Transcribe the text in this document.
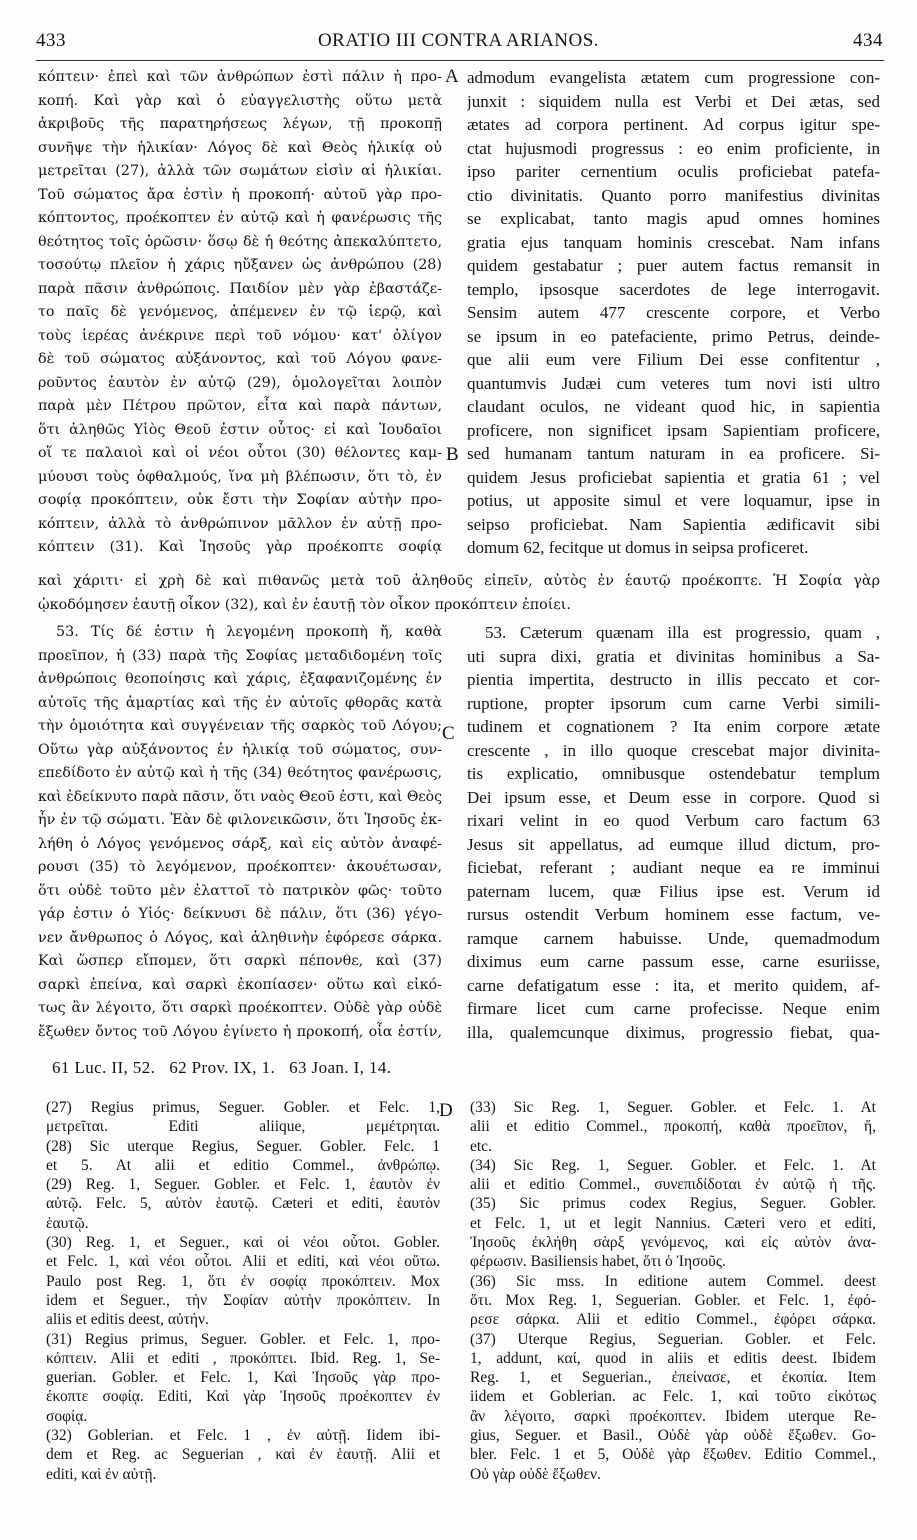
433	ORATIO III CONTRA ARIANOS.	434
A
B
C
D
κόπτειν· ἐπεὶ καὶ τῶν ἀνθρώπων ἐστὶ πάλιν ἡ προ-
κοπή. Καὶ γὰρ καὶ ὁ εὐαγγελιστὴς οὕτω μετὰ
ἀκριβοῦς τῆς παρατηρήσεως λέγων, τῇ προκοπῇ
συνῆψε τὴν ἡλικίαν· Λόγος δὲ καὶ Θεὸς ἡλικίᾳ οὐ
μετρεῖται (27), ἀλλὰ τῶν σωμάτων εἰσὶν αἱ ἡλικίαι.
Τοῦ σώματος ἄρα ἐστὶν ἡ προκοπή· αὐτοῦ γὰρ προ-
κόπτοντος, προέκοπτεν ἐν αὐτῷ καὶ ἡ φανέρωσις τῆς
θεότητος τοῖς ὁρῶσιν· ὅσῳ δὲ ἡ θεότης ἀπεκαλύπτετο,
τοσούτῳ πλεῖον ἡ χάρις ηὔξανεν ὡς ἀνθρώπου (28)
παρὰ πᾶσιν ἀνθρώποις. Παιδίον μὲν γὰρ ἐβαστάζε-
το παῖς δὲ γενόμενος, ἀπέμενεν ἐν τῷ ἱερῷ, καὶ
τοὺς ἱερέας ἀνέκρινε περὶ τοῦ νόμου· κατ' ὀλίγον
δὲ τοῦ σώματος αὐξάνοντος, καὶ τοῦ Λόγου φανε-
ροῦντος ἑαυτὸν ἐν αὐτῷ (29), ὁμολογεῖται λοιπὸν
παρὰ μὲν Πέτρου πρῶτον, εἶτα καὶ παρὰ πάντων,
ὅτι ἀληθῶς Υἱὸς Θεοῦ ἐστιν οὗτος· εἰ καὶ Ἰουδαῖοι
οἵ τε παλαιοὶ καὶ οἱ νέοι οὗτοι (30) θέλοντες καμ-
μύουσι τοὺς ὀφθαλμούς, ἵνα μὴ βλέπωσιν, ὅτι τὸ, ἐν
σοφίᾳ προκόπτειν, οὐκ ἔστι τὴν Σοφίαν αὐτὴν προ-
κόπτειν, ἀλλὰ τὸ ἀνθρώπινον μᾶλλον ἐν αὐτῇ προ-
κόπτειν (31). Καὶ Ἰησοῦς γὰρ προέκοπτε σοφίᾳ
admodum evangelista ætatem cum progressione con-
junxit : siquidem nulla est Verbi et Dei ætas, sed
ætates ad corpora pertinent. Ad corpus igitur spe-
ctat hujusmodi progressus : eo enim proficiente, in
ipso pariter cernentium oculis proficiebat patefa-
ctio divinitatis. Quanto porro manifestius divinitas
se explicabat, tanto magis apud omnes homines
gratia ejus tanquam hominis crescebat. Nam infans
quidem gestabatur ; puer autem factus remansit in
templo, ipsosque sacerdotes de lege interrogavit.
Sensim autem 477 crescente corpore, et Verbo
se ipsum in eo patefaciente, primo Petrus, deinde-
que alii eum vere Filium Dei esse confitentur ,
quantumvis Judæi cum veteres tum novi isti ultro
claudant oculos, ne videant quod hic, in sapientia
proficere, non significet ipsam Sapientiam proficere,
sed humanam tantum naturam in ea proficere. Si-
quidem Jesus proficiebat sapientia et gratia 61 ; vel
potius, ut apposite simul et vere loquamur, ipse in
seipso proficiebat. Nam Sapientia ædificavit sibi
domum 62, fecitque ut domus in seipsa proficeret.
καὶ χάριτι· εἰ χρὴ δὲ καὶ πιθανῶς μετὰ τοῦ ἀληθοῦς εἰπεῖν, αὐτὸς ἐν ἑαυτῷ προέκοπτε. Ἡ Σοφία γὰρ
ᾠκοδόμησεν ἑαυτῇ οἶκον (32), καὶ ἐν ἑαυτῇ τὸν οἶκον προκόπτειν ἐποίει.
53. Τίς δέ ἐστιν ἡ λεγομένη προκοπὴ ἤ, καθὰ
προεῖπον, ἡ (33) παρὰ τῆς Σοφίας μεταδιδομένη τοῖς
ἀνθρώποις θεοποίησις καὶ χάρις, ἐξαφανιζομένης ἐν
αὐτοῖς τῆς ἁμαρτίας καὶ τῆς ἐν αὐτοῖς φθορᾶς κατὰ
τὴν ὁμοιότητα καὶ συγγένειαν τῆς σαρκὸς τοῦ Λόγου;
Οὕτω γὰρ αὐξάνοντος ἐν ἡλικίᾳ τοῦ σώματος, συν-
επεδίδοτο ἐν αὐτῷ καὶ ἡ τῆς (34) θεότητος φανέρωσις,
καὶ ἐδείκνυτο παρὰ πᾶσιν, ὅτι ναὸς Θεοῦ ἐστι, καὶ Θεὸς
ἦν ἐν τῷ σώματι. Ἐὰν δὲ φιλονεικῶσιν, ὅτι Ἰησοῦς ἐκ-
λήθη ὁ Λόγος γενόμενος σάρξ, καὶ εἰς αὐτὸν ἀναφέ-
ρουσι (35) τὸ λεγόμενον, προέκοπτεν· ἀκουέτωσαν,
ὅτι οὐδὲ τοῦτο μὲν ἐλαττοῖ τὸ πατρικὸν φῶς· τοῦτο
γάρ ἐστιν ὁ Υἱός· δείκνυσι δὲ πάλιν, ὅτι (36) γέγο-
νεν ἄνθρωπος ὁ Λόγος, καὶ ἀληθινὴν ἐφόρεσε σάρκα.
Καὶ ὥσπερ εἴπομεν, ὅτι σαρκὶ πέπονθε, καὶ (37)
σαρκὶ ἐπείνα, καὶ σαρκὶ ἐκοπίασεν· οὕτω καὶ εἰκό-
τως ἂν λέγοιτο, ὅτι σαρκὶ προέκοπτεν. Οὐδὲ γὰρ οὐδὲ
ἔξωθεν ὄντος τοῦ Λόγου ἐγίνετο ἡ προκοπή, οἷα ἐστίν,
53. Cæterum quænam illa est progressio, quam ,
uti supra dixi, gratia et divinitas hominibus a Sa-
pientia impertita, destructo in illis peccato et cor-
ruptione, propter ipsorum cum carne Verbi simili-
tudinem et cognationem ? Ita enim corpore ætate
crescente , in illo quoque crescebat major divinita-
tis explicatio, omnibusque ostendebatur templum
Dei ipsum esse, et Deum esse in corpore. Quod si
rixari velint in eo quod Verbum caro factum 63
Jesus sit appellatus, ad eumque illud dictum, pro-
ficiebat, referant ; audiant neque ea re imminui
paternam lucem, quæ Filius ipse est. Verum id
rursus ostendit Verbum hominem esse factum, ve-
ramque carnem habuisse. Unde, quemadmodum
diximus eum carne passum esse, carne esuriisse,
carne defatigatum esse : ita, et merito quidem, af-
firmare licet cum carne profecisse. Neque enim
illa, qualemcunque diximus, progressio fiebat, qua-
61 Luc. II, 52.   62 Prov. IX, 1.   63 Joan. I, 14.
(27) Regius primus, Seguer. Gobler. et Felc. 1,
μετρεῖται. Editi aliique, μεμέτρηται.
(28) Sic uterque Regius, Seguer. Gobler. Felc. 1
et 5. At alii et editio Commel., ἀνθρώπῳ.
(29) Reg. 1, Seguer. Gobler. et Felc. 1, ἑαυτὸν ἐν
αὐτῷ. Felc. 5, αὐτὸν ἑαυτῷ. Cæteri et editi, ἑαυτὸν
ἑαυτῷ.
(30) Reg. 1, et Seguer., καὶ οἱ νέοι οὗτοι. Gobler.
et Felc. 1, καὶ νέοι οὗτοι. Alii et editi, καὶ νέοι οὕτω.
Paulo post Reg. 1, ὅτι ἐν σοφίᾳ προκόπτειν. Mox
idem et Seguer., τὴν Σοφίαν αὐτὴν προκόπτειν. In
aliis et editis deest, αὐτήν.
(31) Regius primus, Seguer. Gobler. et Felc. 1, προ-
κόπτειν. Alii et editi , προκόπτει. Ibid. Reg. 1, Se-
guerian. Gobler. et Felc. 1, Καὶ Ἰησοῦς γὰρ προ-
έκοπτε σοφίᾳ. Editi, Καὶ γὰρ Ἰησοῦς προέκοπτεν ἐν
σοφίᾳ.
(32) Goblerian. et Felc. 1 , ἐν αὐτῇ. Iidem ibi-
dem et Reg. ac Seguerian , καὶ ἐν ἑαυτῇ. Alii et
editi, καὶ ἐν αὐτῇ.
(33) Sic Reg. 1, Seguer. Gobler. et Felc. 1. At
alii et editio Commel., προκοπή, καθὰ προεῖπον, ἤ,
etc.
(34) Sic Reg. 1, Seguer. Gobler. et Felc. 1. At
alii et editio Commel., συνεπιδίδοται ἐν αὐτῷ ἡ τῆς.
(35) Sic primus codex Regius, Seguer. Gobler.
et Felc. 1, ut et legit Nannius. Cæteri vero et editi,
Ἰησοῦς ἐκλήθη σὰρξ γενόμενος, καὶ εἰς αὐτὸν ἀνα-
φέρωσιν. Basiliensis habet, ὅτι ὁ Ἰησοῦς.
(36) Sic mss. In editione autem Commel. deest
ὅτι. Mox Reg. 1, Seguerian. Gobler. et Felc. 1, ἐφό-
ρεσε σάρκα. Alii et editio Commel., ἐφόρει σάρκα.
(37) Uterque Regius, Seguerian. Gobler. et Felc.
1, addunt, καί, quod in aliis et editis deest. Ibidem
Reg. 1, et Seguerian., ἐπείνασε, et ἐκοπία. Item
iidem et Goblerian. ac Felc. 1, καὶ τοῦτο εἰκότως
ἂν λέγοιτο, σαρκὶ προέκοπτεν. Ibidem uterque Re-
gius, Seguer. et Basil., Οὐδὲ γὰρ οὐδὲ ἔξωθεν. Go-
bler. Felc. 1 et 5, Οὐδὲ γὰρ ἔξωθεν. Editio Commel.,
Οὐ γὰρ οὐδὲ ἔξωθεν.
